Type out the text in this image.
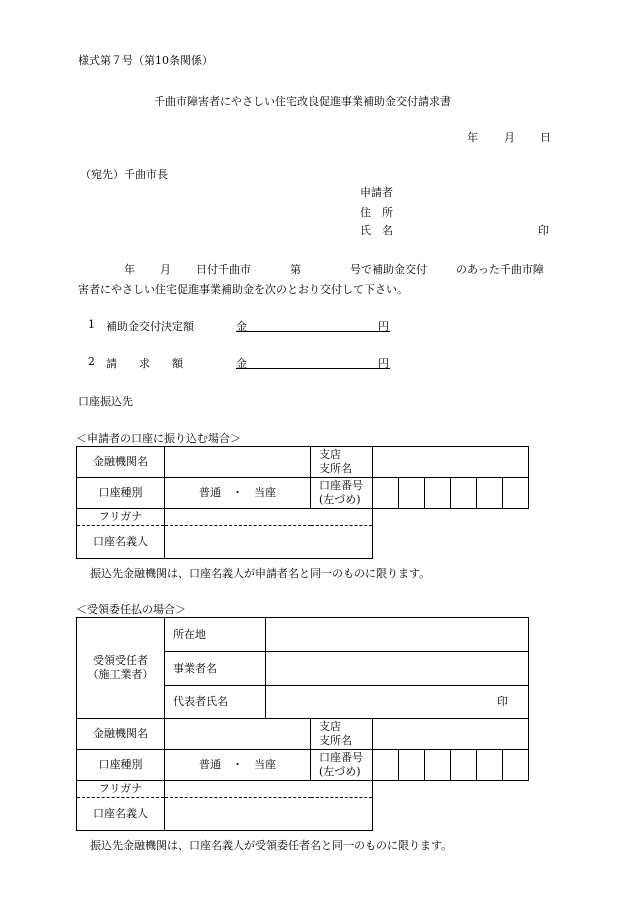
様式第７号（第10条関係）
千曲市障害者にやさしい住宅改良促進事業補助金交付請求書
年 月 日
（宛先）千曲市長
申請者
住　所
氏　名	印
年 月 日付千曲市	第	号で補助金交付	のあった千曲市障
害者にやさしい住宅促進事業補助金を次のとおり交付して下さい。
1 補助金交付決定額	金	円
2 請　　求　　額	金	円
口座振込先
＜申請者の口座に振り込む場合＞
金融機関名		支店
支所名						
口座種別	普通　・　当座	口座番号
(左づめ)						
フリガナ								
口座名義人								
振込先金融機関は、口座名義人が申請者名と同一のものに限ります。
＜受領委任払の場合＞
受領受任者
（施工業者）	所在地	
	事業者名	
	代表者氏名	印
金融機関名		支店
支所名						
口座種別	普通　・　当座	口座番号
(左づめ)						
フリガナ								
口座名義人								
振込先金融機関は、口座名義人が受領委任者名と同一のものに限ります。
